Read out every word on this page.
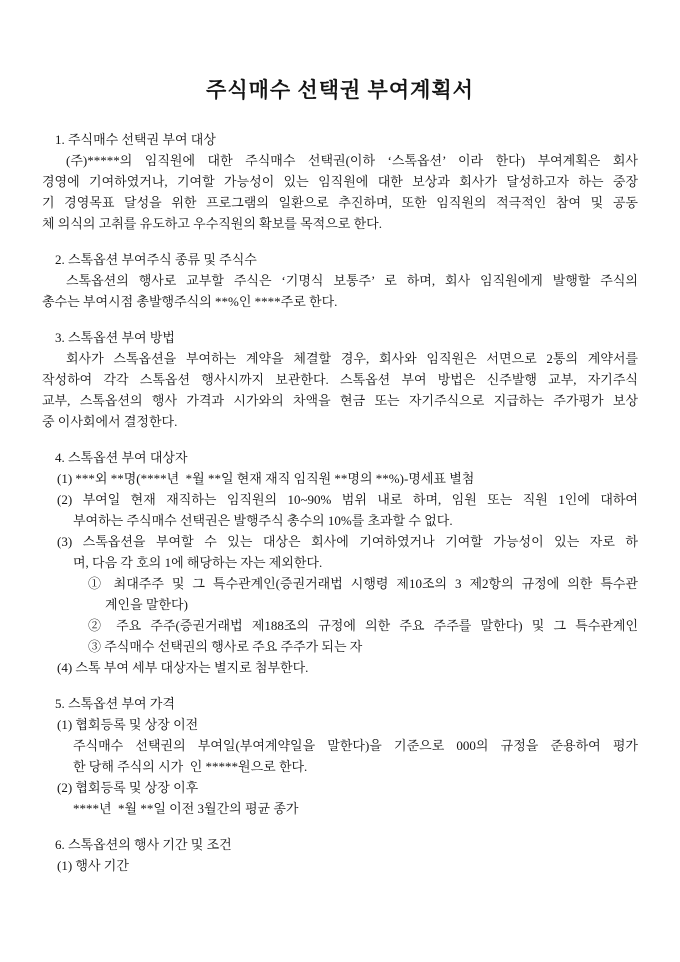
주식매수 선택권 부여계획서
1. 주식매수 선택권 부여 대상
(주)*****의 임직원에 대한 주식매수 선택권(이하 ‘스톡옵션’ 이라 한다) 부여계획은 회사
경영에 기여하였거나, 기여할 가능성이 있는 임직원에 대한 보상과 회사가 달성하고자 하는 중장
기 경영목표 달성을 위한 프로그램의 일환으로 추진하며, 또한 임직원의 적극적인 참여 및 공동
체 의식의 고취를 유도하고 우수직원의 확보를 목적으로 한다.
2. 스톡옵션 부여주식 종류 및 주식수
스톡옵션의 행사로 교부할 주식은 ‘기명식 보통주’ 로 하며, 회사 임직원에게 발행할 주식의
총수는 부여시점 총발행주식의 **%인 ****주로 한다.
3. 스톡옵션 부여 방법
회사가 스톡옵션을 부여하는 계약을 체결할 경우, 회사와 임직원은 서면으로 2통의 계약서를
작성하여 각각 스톡옵션 행사시까지 보관한다. 스톡옵션 부여 방법은 신주발행 교부, 자기주식
교부, 스톡옵션의 행사 가격과 시가와의 차액을 현금 또는 자기주식으로 지급하는 주가평가 보상
중 이사회에서 결정한다.
4. 스톡옵션 부여 대상자
(1) ***외 **명(****년  *월 **일 현재 재직 임직원 **명의 **%)-명세표 별첨
(2) 부여일 현재 재직하는 임직원의 10~90% 범위 내로 하며, 임원 또는 직원 1인에 대하여
부여하는 주식매수 선택권은 발행주식 총수의 10%를 초과할 수 없다.
(3) 스톡옵션을 부여할 수 있는 대상은 회사에 기여하였거나 기여할 가능성이 있는 자로 하
며, 다음 각 호의 1에 해당하는 자는 제외한다.
① 최대주주 및 그 특수관계인(증권거래법 시행령 제10조의 3 제2항의 규정에 의한 특수관
계인을 말한다)
② 주요 주주(증권거래법 제188조의 규정에 의한 주요 주주를 말한다) 및 그 특수관계인
③ 주식매수 선택권의 행사로 주요 주주가 되는 자
(4) 스톡 부여 세부 대상자는 별지로 첨부한다.
5. 스톡옵션 부여 가격
(1) 협회등록 및 상장 이전
주식매수 선택권의 부여일(부여계약일을 말한다)을 기준으로 000의 규정을 준용하여 평가
한 당해 주식의 시가  인 *****원으로 한다.
(2) 협회등록 및 상장 이후
****년  *월 **일 이전 3월간의 평균 종가
6. 스톡옵션의 행사 기간 및 조건
(1) 행사 기간
